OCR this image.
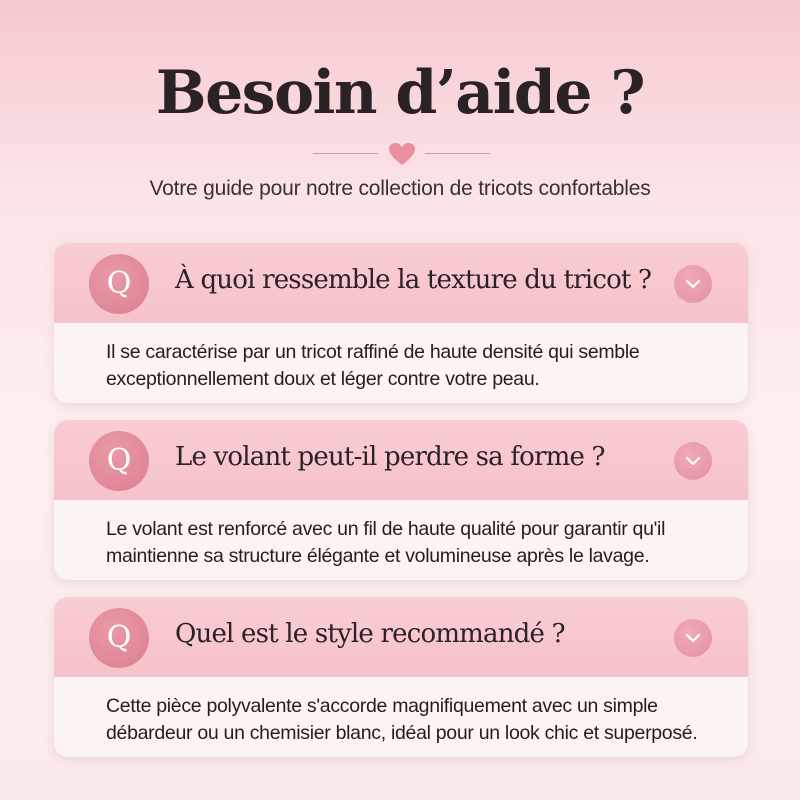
Besoin d’aide ?

Votre guide pour notre collection de tricots confortables

Q	À quoi ressemble la texture du tricot ?

Il se caractérise par un tricot raffiné de haute densité qui semble exceptionnellement doux et léger contre votre peau.

Q	Le volant peut-il perdre sa forme ?

Le volant est renforcé avec un fil de haute qualité pour garantir qu'il maintienne sa structure élégante et volumineuse après le lavage.

Q	Quel est le style recommandé ?

Cette pièce polyvalente s'accorde magnifiquement avec un simple débardeur ou un chemisier blanc, idéal pour un look chic et superposé.
